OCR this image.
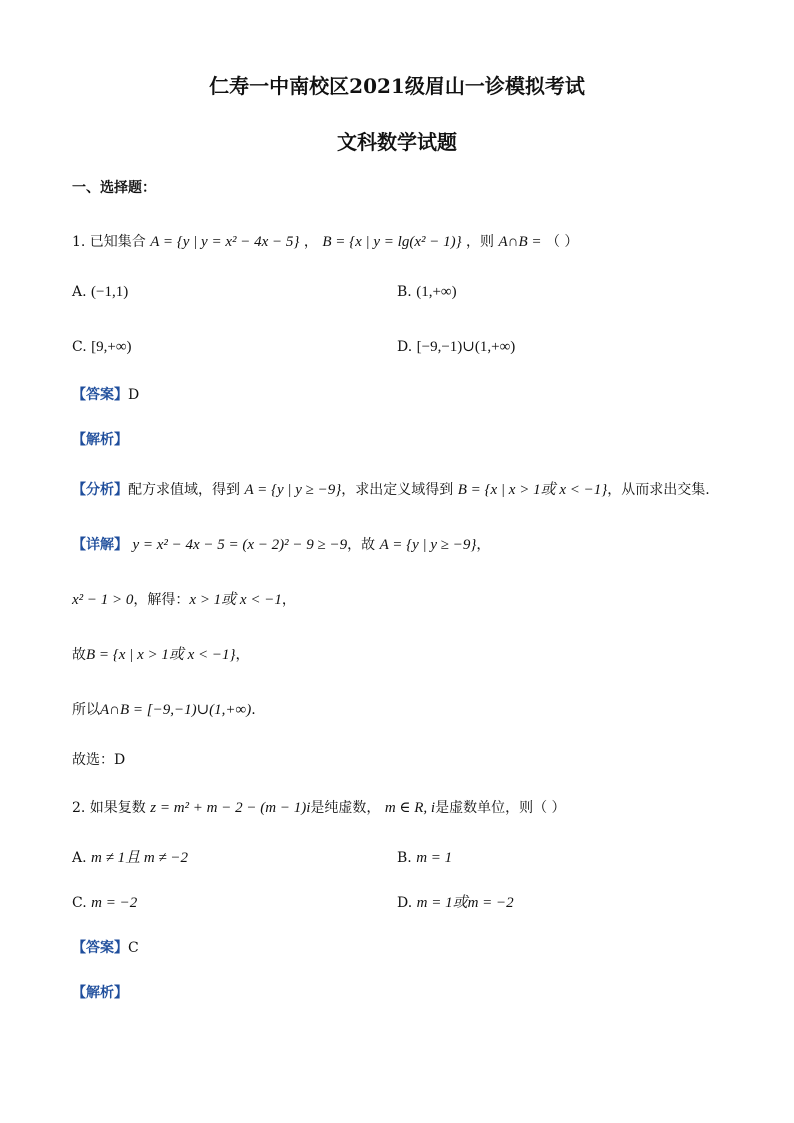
仁寿一中南校区2021级眉山一诊模拟考试
文科数学试题
一、选择题：
1. 已知集合 A = {y | y = x² − 4x − 5} ， B = {x | y = lg(x² − 1)} ，则 A∩B = （ ）
A. (−1,1)	B. (1,+∞)
C. [9,+∞)	D. [−9,−1)∪(1,+∞)
【答案】D
【解析】
【分析】配方求值域，得到 A = {y | y ≥ −9}，求出定义域得到 B = {x | x > 1或 x < −1}，从而求出交集.
【详解】 y = x² − 4x − 5 = (x − 2)² − 9 ≥ −9，故 A = {y | y ≥ −9}，
x² − 1 > 0，解得：x > 1或 x < −1，
故B = {x | x > 1或 x < −1}，
所以A∩B = [−9,−1)∪(1,+∞).
故选：D
2. 如果复数 z = m² + m − 2 − (m − 1)i是纯虚数， m ∈ R, i是虚数单位，则（ ）
A. m ≠ 1且 m ≠ −2	B. m = 1
C. m = −2	D. m = 1或m = −2
【答案】C
【解析】
